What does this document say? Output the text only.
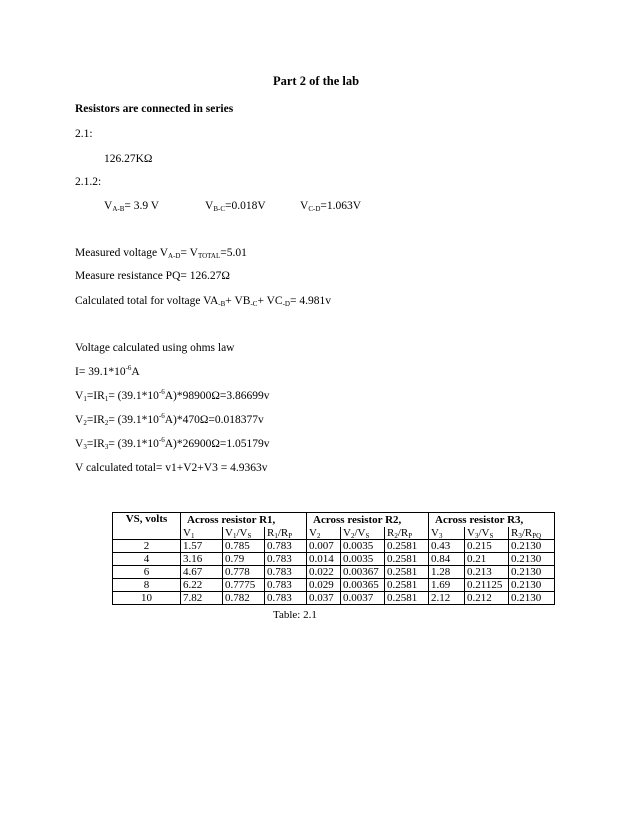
Part 2 of the lab
Resistors are connected in series
2.1:
126.27KΩ
2.1.2:
$V_{A-B}= 3.9$ V	$V_{B-C}=0.018V$	$V_{C-D}=1.063V$
Measured voltage $V_{A-D}= V_{TOTAL}=5.01$
Measure resistance PQ= 126.27Ω
Calculated total for voltage $VA_{-B}+ VB_{-C}+ VC_{-D}= 4.981v$
Voltage calculated using ohms law
$I= 39.1*10^{-6}A$
$V_1=IR_1= (39.1*10^{-6}A)*98900\Omega=3.86699v$
$V_2=IR_2= (39.1*10^{-6}A)*470\Omega=0.018377v$
$V_3=IR_3= (39.1*10^{-6}A)*26900\Omega=1.05179v$
V calculated total= v1+V2+V3 = 4.9363v
VS, volts	Across resistor R1,			Across resistor R2,			Across resistor R3,		
	$V_1$	$V_1/V_S$	$R_1/R_P$	$V_2$	$V_2/V_S$	$R_2/R_P$	$V_3$	$V_3/V_S$	$R_3/R_{PQ}$
2	1.57	0.785	0.783	0.007	0.0035	0.2581	0.43	0.215	0.2130
4	3.16	0.79	0.783	0.014	0.0035	0.2581	0.84	0.21	0.2130
6	4.67	0.778	0.783	0.022	0.00367	0.2581	1.28	0.213	0.2130
8	6.22	0.7775	0.783	0.029	0.00365	0.2581	1.69	0.21125	0.2130
10	7.82	0.782	0.783	0.037	0.0037	0.2581	2.12	0.212	0.2130
Table: 2.1
